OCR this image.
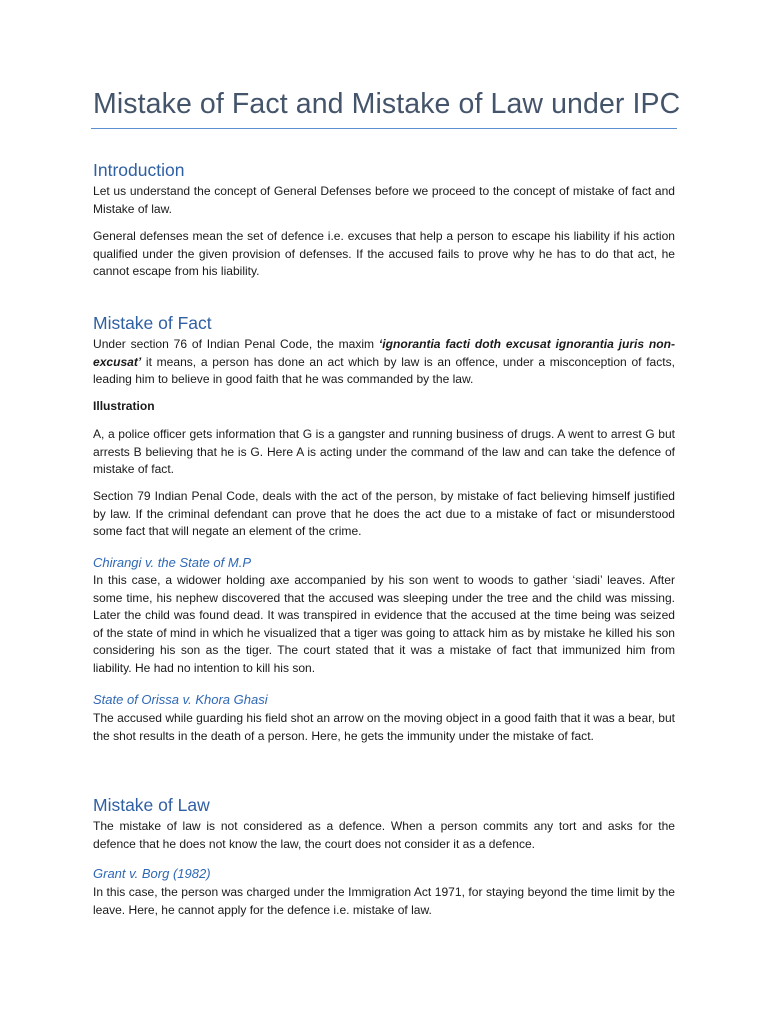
Mistake of Fact and Mistake of Law under IPC
Introduction

Let us understand the concept of General Defenses before we proceed to the concept of mistake of fact and Mistake of law.

General defenses mean the set of defence i.e. excuses that help a person to escape his liability if his action qualified under the given provision of defenses. If the accused fails to prove why he has to do that act, he cannot escape from his liability.

Mistake of Fact

Under section 76 of Indian Penal Code, the maxim ‘ignorantia facti doth excusat ignorantia juris non-excusat’ it means, a person has done an act which by law is an offence, under a misconception of facts, leading him to believe in good faith that he was commanded by the law.

Illustration

A, a police officer gets information that G is a gangster and running business of drugs. A went to arrest G but arrests B believing that he is G. Here A is acting under the command of the law and can take the defence of mistake of fact.

Section 79 Indian Penal Code, deals with the act of the person, by mistake of fact believing himself justified by law. If the criminal defendant can prove that he does the act due to a mistake of fact or misunderstood some fact that will negate an element of the crime.

Chirangi v. the State of M.P

In this case, a widower holding axe accompanied by his son went to woods to gather ‘siadi’ leaves. After some time, his nephew discovered that the accused was sleeping under the tree and the child was missing. Later the child was found dead. It was transpired in evidence that the accused at the time being was seized of the state of mind in which he visualized that a tiger was going to attack him as by mistake he killed his son considering his son as the tiger. The court stated that it was a mistake of fact that immunized him from liability. He had no intention to kill his son.

State of Orissa v. Khora Ghasi

The accused while guarding his field shot an arrow on the moving object in a good faith that it was a bear, but the shot results in the death of a person. Here, he gets the immunity under the mistake of fact.

Mistake of Law

The mistake of law is not considered as a defence. When a person commits any tort and asks for the defence that he does not know the law, the court does not consider it as a defence.

Grant v. Borg (1982)

In this case, the person was charged under the Immigration Act 1971, for staying beyond the time limit by the leave. Here, he cannot apply for the defence i.e. mistake of law.
